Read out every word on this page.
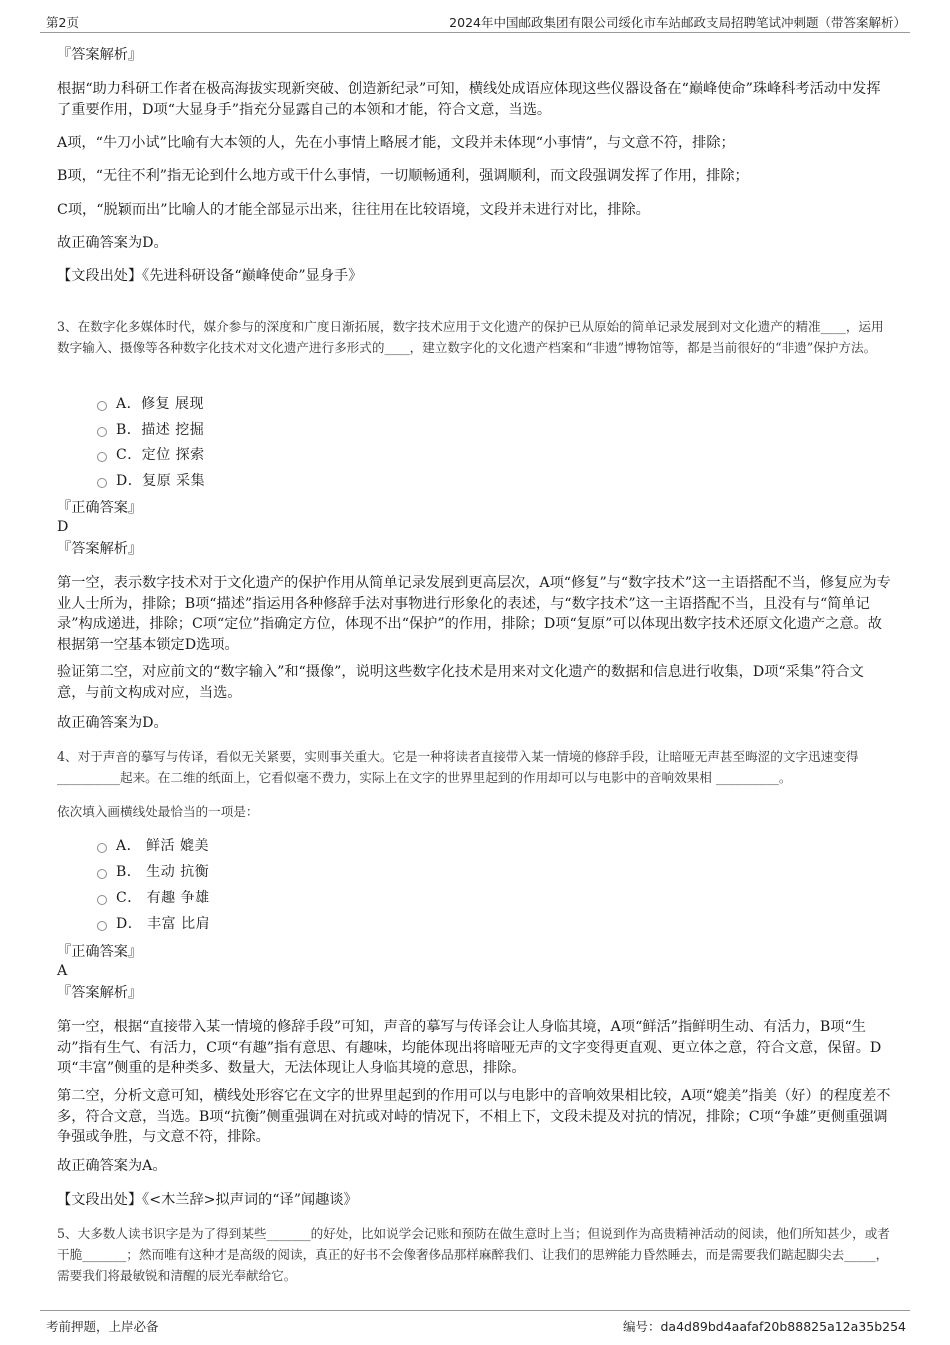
第2页	2024年中国邮政集团有限公司绥化市车站邮政支局招聘笔试冲刺题（带答案解析）
『答案解析』
根据“助力科研工作者在极高海拔实现新突破、创造新纪录”可知，横线处成语应体现这些仪器设备在“巅峰使命”珠峰科考活动中发挥了重要作用，D项“大显身手”指充分显露自己的本领和才能，符合文意，当选。
A项，“牛刀小试”比喻有大本领的人，先在小事情上略展才能，文段并未体现“小事情”，与文意不符，排除；
B项，“无往不利”指无论到什么地方或干什么事情，一切顺畅通利，强调顺利，而文段强调发挥了作用，排除；
C项，“脱颖而出”比喻人的才能全部显示出来，往往用在比较语境，文段并未进行对比，排除。
故正确答案为D。
【文段出处】《先进科研设备“巅峰使命”显身手》
3、在数字化多媒体时代，媒介参与的深度和广度日渐拓展，数字技术应用于文化遗产的保护已从原始的简单记录发展到对文化遗产的精准____，运用数字输入、摄像等各种数字化技术对文化遗产进行多形式的____，建立数字化的文化遗产档案和“非遗”博物馆等，都是当前很好的“非遗”保护方法。
A．修复 展现
B．描述 挖掘
C．定位 探索
D．复原 采集
『正确答案』
D
『答案解析』
第一空，表示数字技术对于文化遗产的保护作用从简单记录发展到更高层次，A项“修复”与“数字技术”这一主语搭配不当，修复应为专业人士所为，排除；B项“描述”指运用各种修辞手法对事物进行形象化的表述，与“数字技术”这一主语搭配不当，且没有与“简单记录”构成递进，排除；C项“定位”指确定方位，体现不出“保护”的作用，排除；D项“复原”可以体现出数字技术还原文化遗产之意。故根据第一空基本锁定D选项。
验证第二空，对应前文的“数字输入”和“摄像”，说明这些数字化技术是用来对文化遗产的数据和信息进行收集，D项“采集”符合文意，与前文构成对应，当选。
故正确答案为D。
4、对于声音的摹写与传译，看似无关紧要，实则事关重大。它是一种将读者直接带入某一情境的修辞手段，让暗哑无声甚至晦涩的文字迅速变得 __________起来。在二维的纸面上，它看似毫不费力，实际上在文字的世界里起到的作用却可以与电影中的音响效果相 __________。
依次填入画横线处最恰当的一项是：
A． 鲜活 媲美
B． 生动 抗衡
C． 有趣 争雄
D． 丰富 比肩
『正确答案』
A
『答案解析』
第一空，根据“直接带入某一情境的修辞手段”可知，声音的摹写与传译会让人身临其境，A项“鲜活”指鲜明生动、有活力，B项“生动”指有生气、有活力，C项“有趣”指有意思、有趣味，均能体现出将暗哑无声的文字变得更直观、更立体之意，符合文意，保留。D项“丰富”侧重的是种类多、数量大，无法体现让人身临其境的意思，排除。
第二空，分析文意可知，横线处形容它在文字的世界里起到的作用可以与电影中的音响效果相比较，A项“媲美”指美（好）的程度差不多，符合文意，当选。B项“抗衡”侧重强调在对抗或对峙的情况下，不相上下，文段未提及对抗的情况，排除；C项“争雄”更侧重强调争强或争胜，与文意不符，排除。
故正确答案为A。
【文段出处】《<木兰辞>拟声词的“译”闻趣谈》
5、大多数人读书识字是为了得到某些_______的好处，比如说学会记账和预防在做生意时上当；但说到作为高贵精神活动的阅读，他们所知甚少，或者干脆_______；然而唯有这种才是高级的阅读，真正的好书不会像奢侈品那样麻醉我们、让我们的思辨能力昏然睡去，而是需要我们踮起脚尖去_____，需要我们将最敏锐和清醒的辰光奉献给它。
考前押题，上岸必备	编号：da4d89bd4aafaf20b88825a12a35b254
